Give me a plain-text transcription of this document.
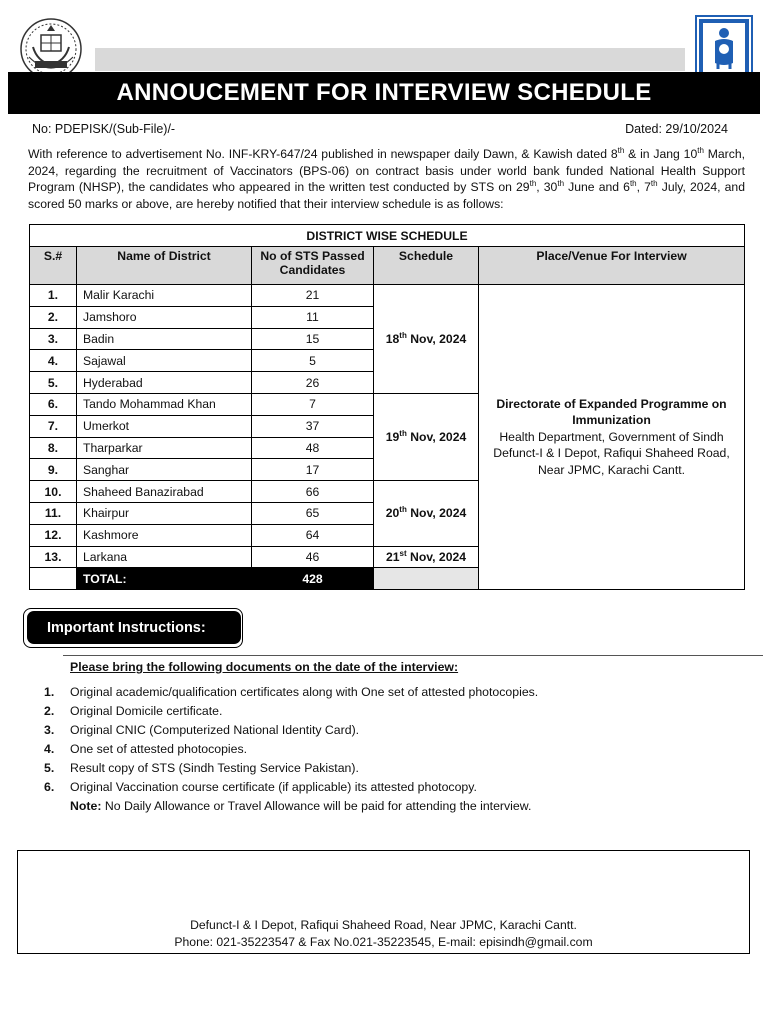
ANNOUCEMENT FOR INTERVIEW SCHEDULE
No: PDEPISK/(Sub-File)/-	Dated: 29/10/2024
With reference to advertisement No. INF-KRY-647/24 published in newspaper daily Dawn, & Kawish dated 8th & in Jang 10th March, 2024, regarding the recruitment of Vaccinators (BPS-06) on contract basis under world bank funded National Health Support Program (NHSP), the candidates who appeared in the written test conducted by STS on 29th, 30th June and 6th, 7th July, 2024, and scored 50 marks or above, are hereby notified that their interview schedule is as follows:
DISTRICT WISE SCHEDULE				
S.#	Name of District	No of STS Passed Candidates	Schedule	Place/Venue For Interview
1.	Malir Karachi	21	18th Nov, 2024	Directorate of Expanded Programme on Immunization
Health Department, Government of Sindh
Defunct-I & I Depot, Rafiqui Shaheed Road,
Near JPMC, Karachi Cantt.

2.	Jamshoro	11		
3.	Badin	15		
4.	Sajawal	5		
5.	Hyderabad	26		
6.	Tando Mohammad Khan	7	19th Nov, 2024	
7.	Umerkot	37		
8.	Tharparkar	48		
9.	Sanghar	17		
10.	Shaheed Banazirabad	66	20th Nov, 2024	
11.	Khairpur	65		
12.	Kashmore	64		
13.	Larkana	46	21st Nov, 2024	
	TOTAL:	428		
Important Instructions:
Please bring the following documents on the date of the interview:
1.	Original academic/qualification certificates along with One set of attested photocopies.
2.	Original Domicile certificate.
3.	Original CNIC (Computerized National Identity Card).
4.	One set of attested photocopies.
5.	Result copy of STS (Sindh Testing Service Pakistan).
6.	Original Vaccination course certificate (if applicable) its attested photocopy.
Note: No Daily Allowance or Travel Allowance will be paid for attending the interview.
Defunct-I & I Depot, Rafiqui Shaheed Road, Near JPMC, Karachi Cantt.
Phone: 021-35223547 & Fax No.021-35223545, E-mail: episindh@gmail.com
